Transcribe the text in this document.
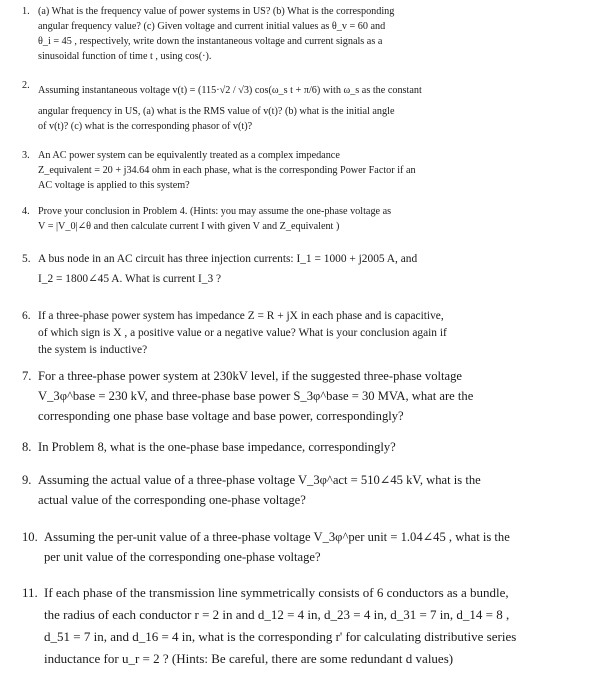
1. (a) What is the frequency value of power systems in US? (b) What is the corresponding
angular frequency value? (c) Given voltage and current initial values as θ_v = 60 and
θ_i = 45 , respectively, write down the instantaneous voltage and current signals as a
sinusoidal function of time t , using cos(·).
2. Assuming instantaneous voltage v(t) = (115·√2 / √3) cos(ω_s t + π/6) with ω_s as the constant
angular frequency in US, (a) what is the RMS value of v(t)? (b) what is the initial angle
of v(t)? (c) what is the corresponding phasor of v(t)?
3. An AC power system can be equivalently treated as a complex impedance
Z_equivalent = 20 + j34.64 ohm in each phase, what is the corresponding Power Factor if an
AC voltage is applied to this system?
4. Prove your conclusion in Problem 4. (Hints: you may assume the one-phase voltage as
V = |V_0|∠θ and then calculate current I with given V and Z_equivalent )
5. A bus node in an AC circuit has three injection currents: I_1 = 1000 + j2005 A, and
I_2 = 1800∠45 A. What is current I_3 ?
6. If a three-phase power system has impedance Z = R + jX in each phase and is capacitive,
of which sign is X , a positive value or a negative value? What is your conclusion again if
the system is inductive?
7. For a three-phase power system at 230kV level, if the suggested three-phase voltage
V_3φ^base = 230 kV, and three-phase base power S_3φ^base = 30 MVA, what are the
corresponding one phase base voltage and base power, correspondingly?
8. In Problem 8, what is the one-phase base impedance, correspondingly?
9. Assuming the actual value of a three-phase voltage V_3φ^act = 510∠45 kV, what is the
actual value of the corresponding one-phase voltage?
10. Assuming the per-unit value of a three-phase voltage V_3φ^per unit = 1.04∠45 , what is the
per unit value of the corresponding one-phase voltage?
11. If each phase of the transmission line symmetrically consists of 6 conductors as a bundle,
the radius of each conductor r = 2 in and d_12 = 4 in, d_23 = 4 in, d_31 = 7 in, d_14 = 8 ,
d_51 = 7 in, and d_16 = 4 in, what is the corresponding r' for calculating distributive series
inductance for u_r = 2 ? (Hints: Be careful, there are some redundant d values)
